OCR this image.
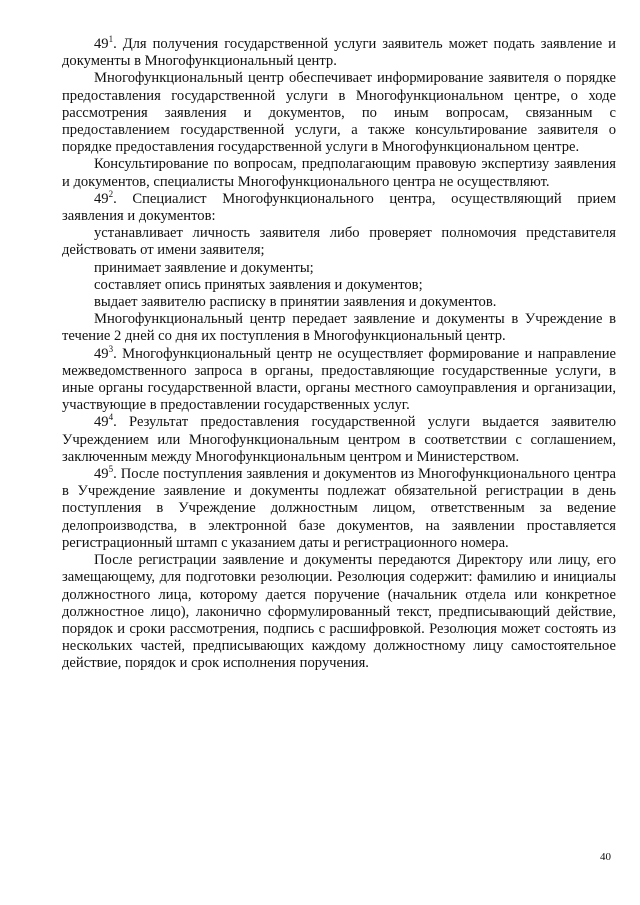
$49^1$. Для получения государственной услуги заявитель может подать заявление и документы в Многофункциональный центр.

Многофункциональный центр обеспечивает информирование заявителя о порядке предоставления государственной услуги в Многофункциональном центре, о ходе рассмотрения заявления и документов, по иным вопросам, связанным с предоставлением государственной услуги, а также консультирование заявителя о порядке предоставления государственной услуги в Многофункциональном центре.

Консультирование по вопросам, предполагающим правовую экспертизу заявления и документов, специалисты Многофункционального центра не осуществляют.

$49^2$. Специалист Многофункционального центра, осуществляющий прием заявления и документов:

устанавливает личность заявителя либо проверяет полномочия представителя действовать от имени заявителя;

принимает заявление и документы;

составляет опись принятых заявления и документов;

выдает заявителю расписку в принятии заявления и документов.

Многофункциональный центр передает заявление и документы в Учреждение в течение 2 дней со дня их поступления в Многофункциональный центр.

$49^3$. Многофункциональный центр не осуществляет формирование и направление межведомственного запроса в органы, предоставляющие государственные услуги, в иные органы государственной власти, органы местного самоуправления и организации, участвующие в предоставлении государственных услуг.

$49^4$. Результат предоставления государственной услуги выдается заявителю Учреждением или Многофункциональным центром в соответствии с соглашением, заключенным между Многофункциональным центром и Министерством.

$49^5$. После поступления заявления и документов из Многофункционального центра в Учреждение заявление и документы подлежат обязательной регистрации в день поступления в Учреждение должностным лицом, ответственным за ведение делопроизводства, в электронной базе документов, на заявлении проставляется регистрационный штамп с указанием даты и регистрационного номера.

После регистрации заявление и документы передаются Директору или лицу, его замещающему, для подготовки резолюции. Резолюция содержит: фамилию и инициалы должностного лица, которому дается поручение (начальник отдела или конкретное должностное лицо), лаконично сформулированный текст, предписывающий действие, порядок и сроки рассмотрения, подпись с расшифровкой. Резолюция может состоять из нескольких частей, предписывающих каждому должностному лицу самостоятельное действие, порядок и срок исполнения поручения.

40
